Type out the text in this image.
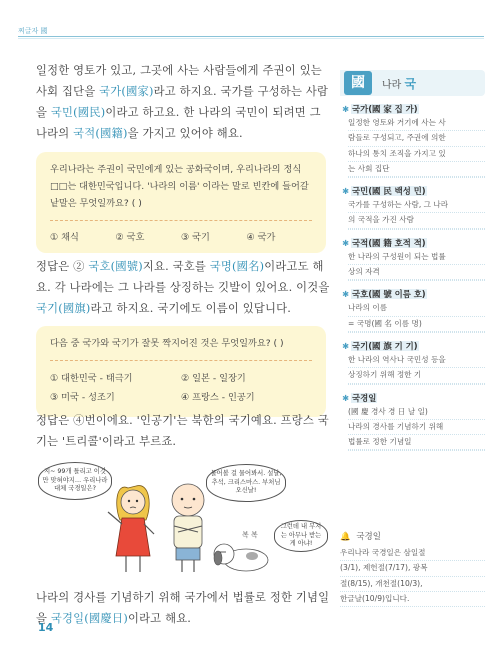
찌글자 國

일정한 영토가 있고, 그곳에 사는 사람들에게 주권이 있는 사회 집단을 국가(國家)라고 하지요. 국가를 구성하는 사람을 국민(國民)이라고 하고요. 한 나라의 국민이 되려면 그 나라의 국적(國籍)을 가지고 있어야 해요.

우리나라는 주권이 국민에게 있는 공화국이며, 우리나라의 정식 □□는 대한민국입니다. '나라의 이름' 이라는 말로 빈칸에 들어갈 낱말은 무엇일까요? ( )
① 채식	② 국호	③ 국기	④ 국가

정답은 ② 국호(國號)지요. 국호를 국명(國名)이라고도 해요. 각 나라에는 그 나라를 상징하는 깃발이 있어요. 이것을 국기(國旗)라고 하지요. 국기에도 이름이 있답니다.

다음 중 국가와 국기가 잘못 짝지어진 것은 무엇일까요? ( )
① 대한민국 - 태극기	② 일본 - 일장기
③ 미국 - 성조기	④ 프랑스 - 인공기

정답은 ④번이에요. '인공기'는 북한의 국기예요. 프랑스 국기는 '트리콜'이라고 부르죠.

지~ 99개 틀리고 이것만 맞혀야지… 우리나라 대체 국경일은?
물어볼 걸 물어봐서. 설날, 추석, 크리스마스. 부처님 오신날!
그런데 내 무지는 아무나 받는 게 아냐!
복 복

나라의 경사를 기념하기 위해 국가에서 법률로 정한 기념일을 국경일(國慶日)이라고 해요.

國	나라 국
✱ 국가(國 家 집 가)
일정한 영토와 거기에 사는 사
람들로 구성되고, 주권에 의한
하나의 통치 조직을 가지고 있
는 사회 집단
✱ 국민(國 民 백성 민)
국가를 구성하는 사람, 그 나라
의 국적을 가진 사람
✱ 국적(國 籍 호적 적)
한 나라의 구성원이 되는 법률
상의 자격
✱ 국호(國 號 이름 호)
나라의 이름
= 국명(國 名 이름 명)
✱ 국기(國 旗 기 기)
한 나라의 역사나 국민성 등을
상징하기 위해 정한 기
✱ 국경일
(國 慶 경사 경 日 날 일)
나라의 경사를 기념하기 위해
법률로 정한 기념일
🔔 국경일
우리나라 국경일은 삼일절
(3/1), 제헌절(7/17), 광복
절(8/15), 개천절(10/3),
한글날(10/9)입니다.
14
